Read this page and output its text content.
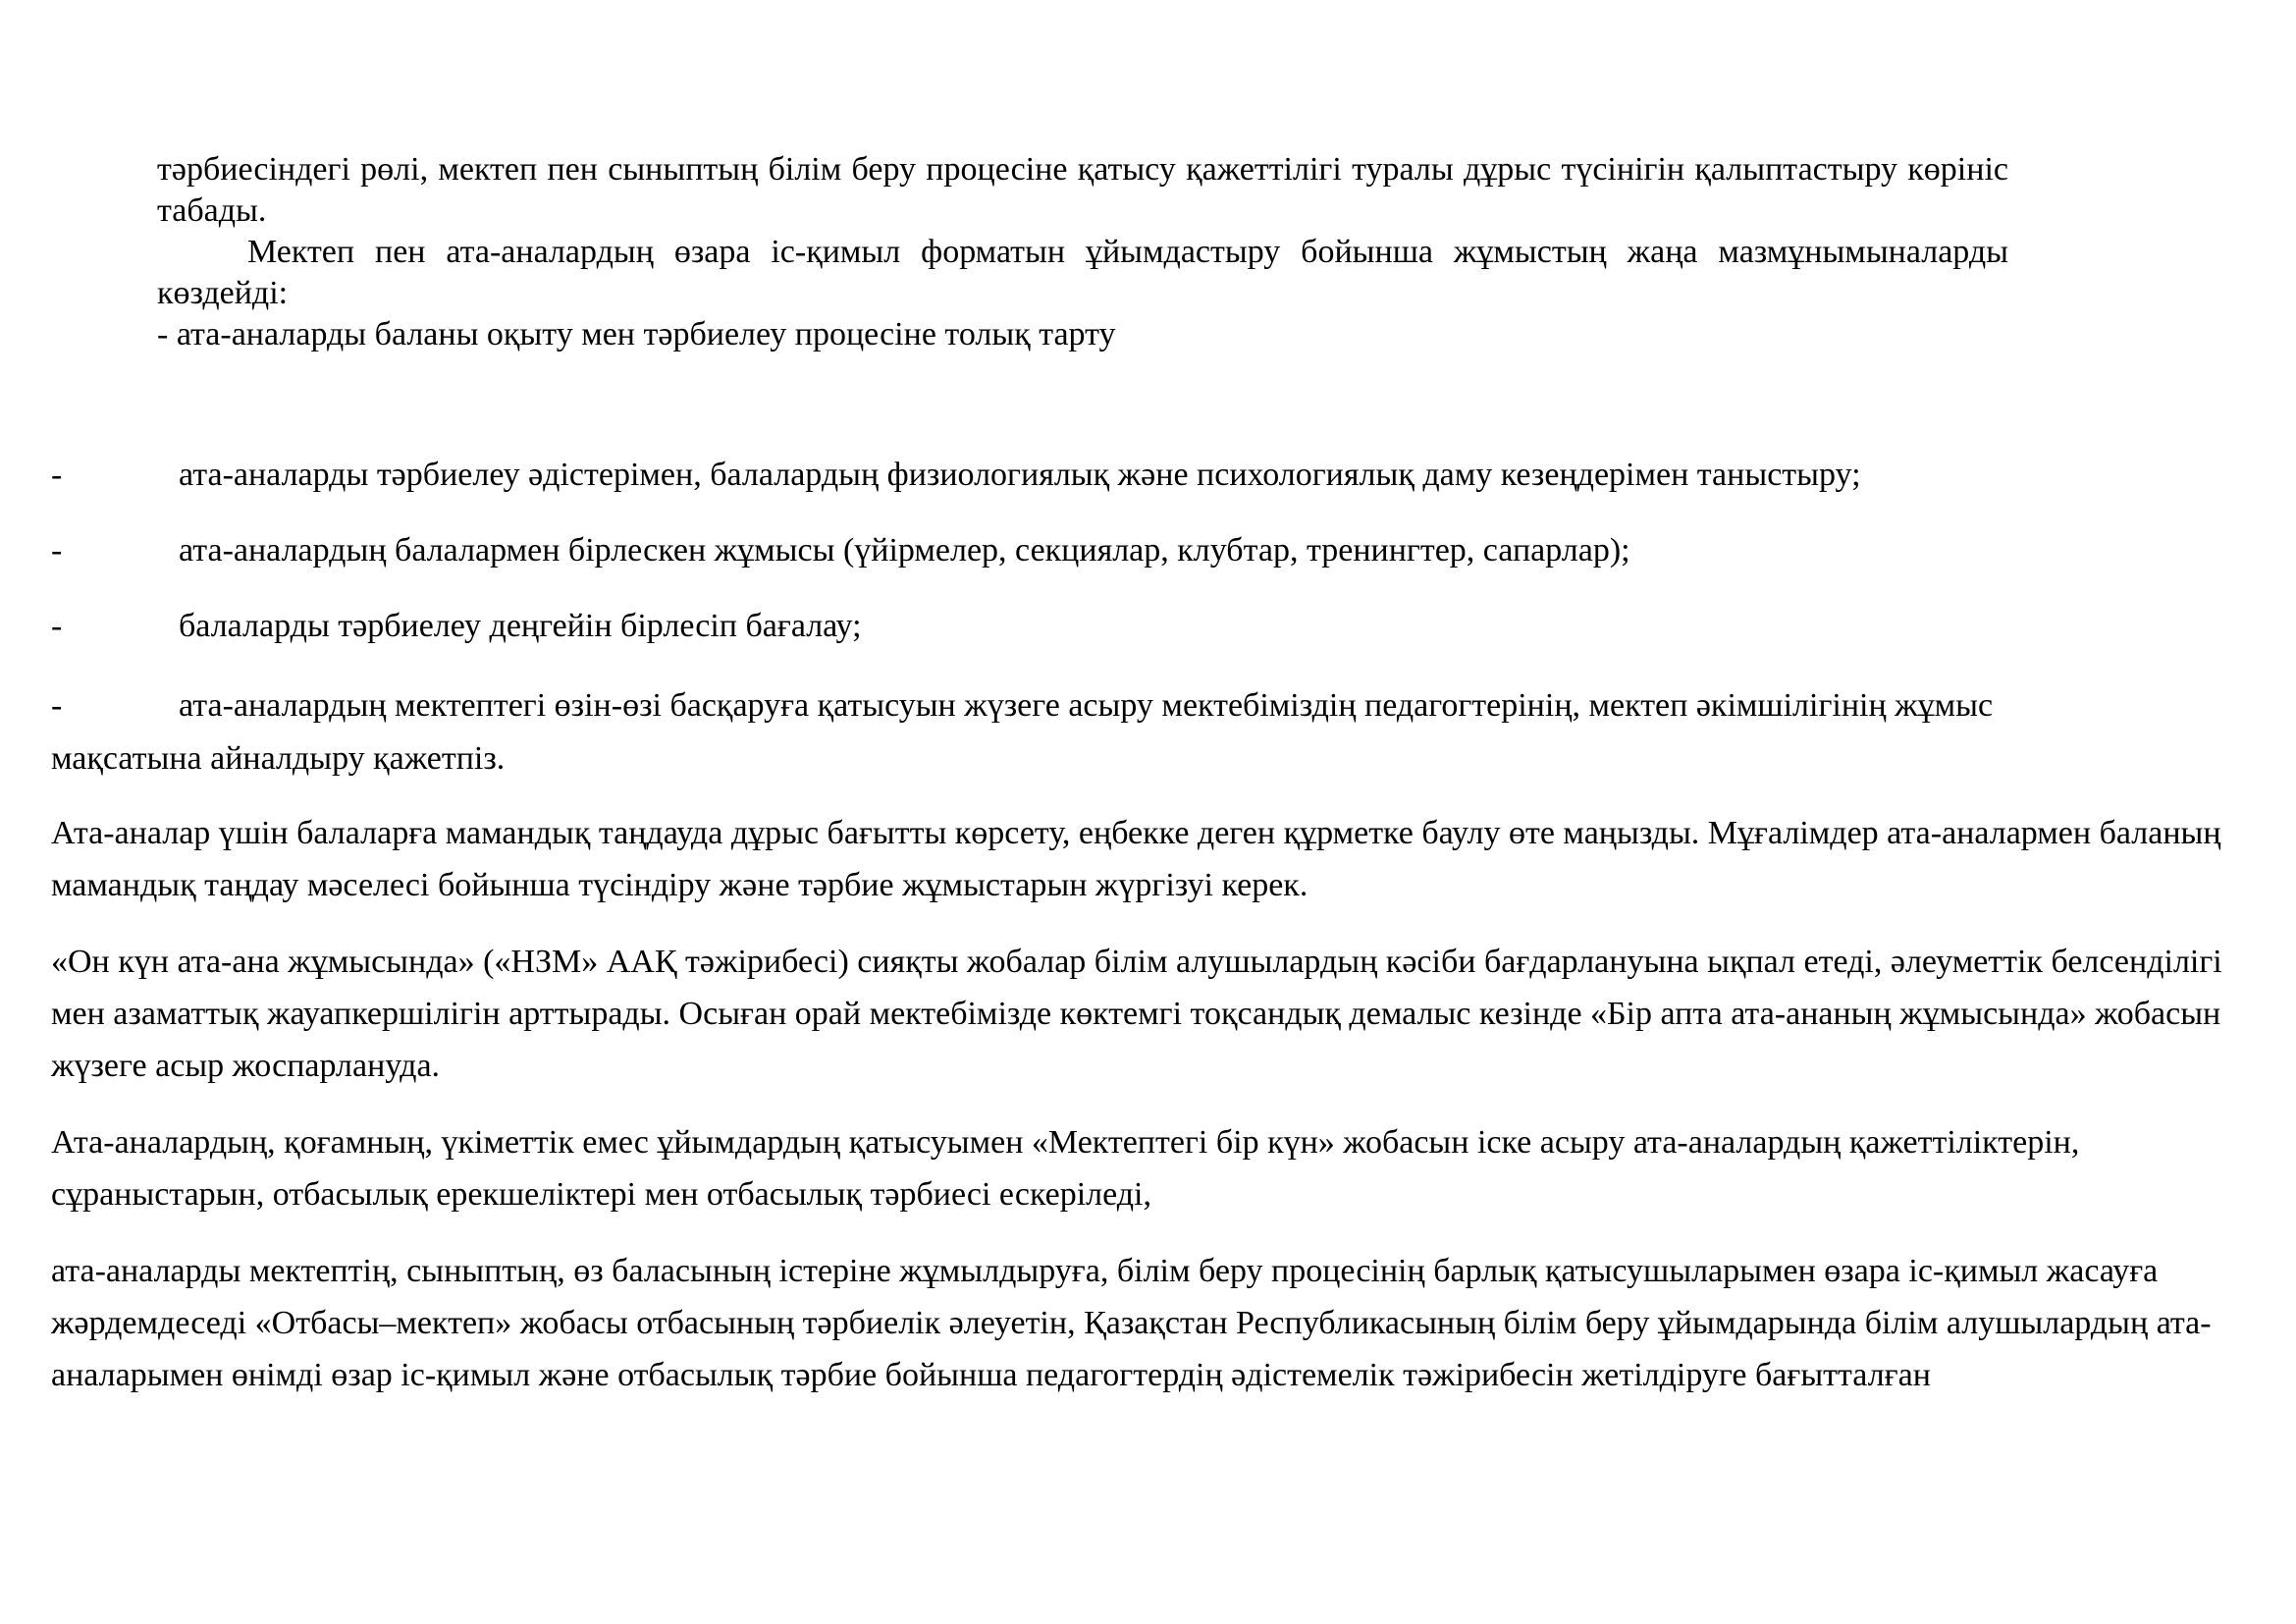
тәрбиесіндегі рөлі, мектеп пен сыныптың білім беру процесіне қатысу қажеттілігі туралы дұрыс түсінігін қалыптастыру көрініс табады.

Мектеп пен ата-аналардың өзара іс-қимыл форматын ұйымдастыру бойынша жұмыстың жаңа мазмұнымыналарды көздейді:

- ата-аналарды баланы оқыту мен тәрбиелеу процесіне толық тарту

-	ата-аналарды тәрбиелеу әдістерімен, балалардың физиологиялық және психологиялық даму кезеңдерімен таныстыру;
-	ата-аналардың балалармен бірлескен жұмысы (үйірмелер, секциялар, клубтар, тренингтер, сапарлар);
-	балаларды тәрбиелеу деңгейін бірлесіп бағалау;
-	ата-аналардың мектептегі өзін-өзі басқаруға қатысуын жүзеге асыру мектебіміздің педагогтерінің, мектеп әкімшілігінің жұмыс
мақсатына айналдыру қажетпіз.

Ата-аналар үшін балаларға мамандық таңдауда дұрыс бағытты көрсету, еңбекке деген құрметке баулу өте маңызды. Мұғалімдер ата-аналармен баланың мамандық таңдау мәселесі бойынша түсіндіру және тәрбие жұмыстарын жүргізуі керек.

«Он күн ата-ана жұмысында» («НЗМ» ААҚ тәжірибесі) сияқты жобалар білім алушылардың кәсіби бағдарлануына ықпал етеді, әлеуметтік белсенділігі мен азаматтық жауапкершілігін арттырады. Осыған орай мектебімізде көктемгі тоқсандық демалыс кезінде «Бір апта ата-ананың жұмысында» жобасын жүзеге асыр жоспарлануда.

Ата-аналардың, қоғамның, үкіметтік емес ұйымдардың қатысуымен «Мектептегі бір күн» жобасын іске асыру ата-аналардың қажеттіліктерін, сұраныстарын, отбасылық ерекшеліктері мен отбасылық тәрбиесі ескеріледі,

ата-аналарды мектептің, сыныптың, өз баласының істеріне жұмылдыруға, білім беру процесінің барлық қатысушыларымен өзара іс-қимыл жасауға жәрдемдеседі «Отбасы–мектеп» жобасы отбасының тәрбиелік әлеуетін, Қазақстан Республикасының білім беру ұйымдарында білім алушылардың ата-аналарымен өнімді өзар іс-қимыл және отбасылық тәрбие бойынша педагогтердің әдістемелік тәжірибесін жетілдіруге бағытталған
